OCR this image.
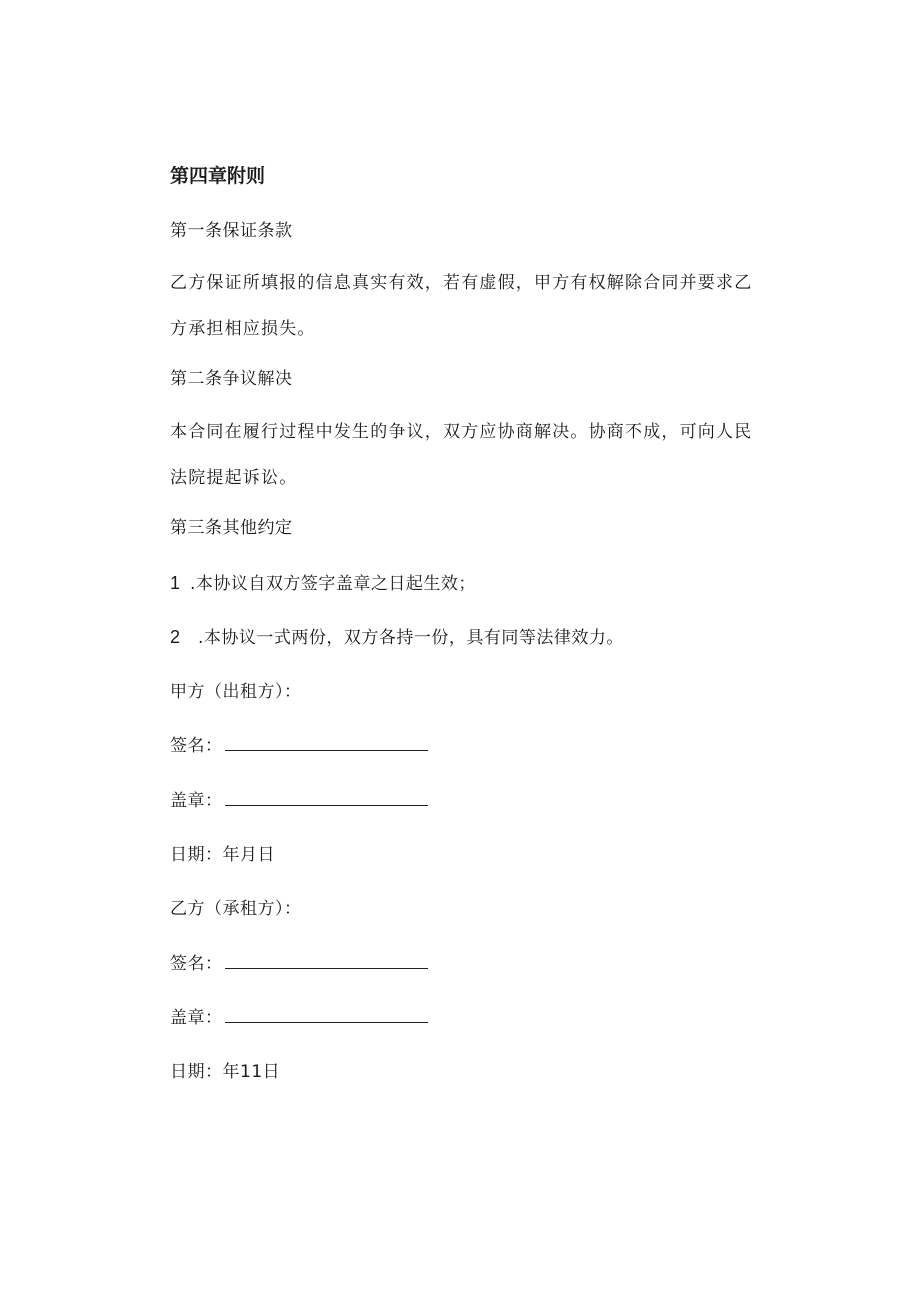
第四章附则
第一条保证条款
乙方保证所填报的信息真实有效，若有虚假，甲方有权解除合同并要求乙方承担相应损失。
第二条争议解决
本合同在履行过程中发生的争议，双方应协商解决。协商不成，可向人民法院提起诉讼。
第三条其他约定
1 .本协议自双方签字盖章之日起生效；
2 .本协议一式两份，双方各持一份，具有同等法律效力。
甲方（出租方）：
签名：
盖章：
日期：年月日
乙方（承租方）：
签名：
盖章：
日期：年11日
